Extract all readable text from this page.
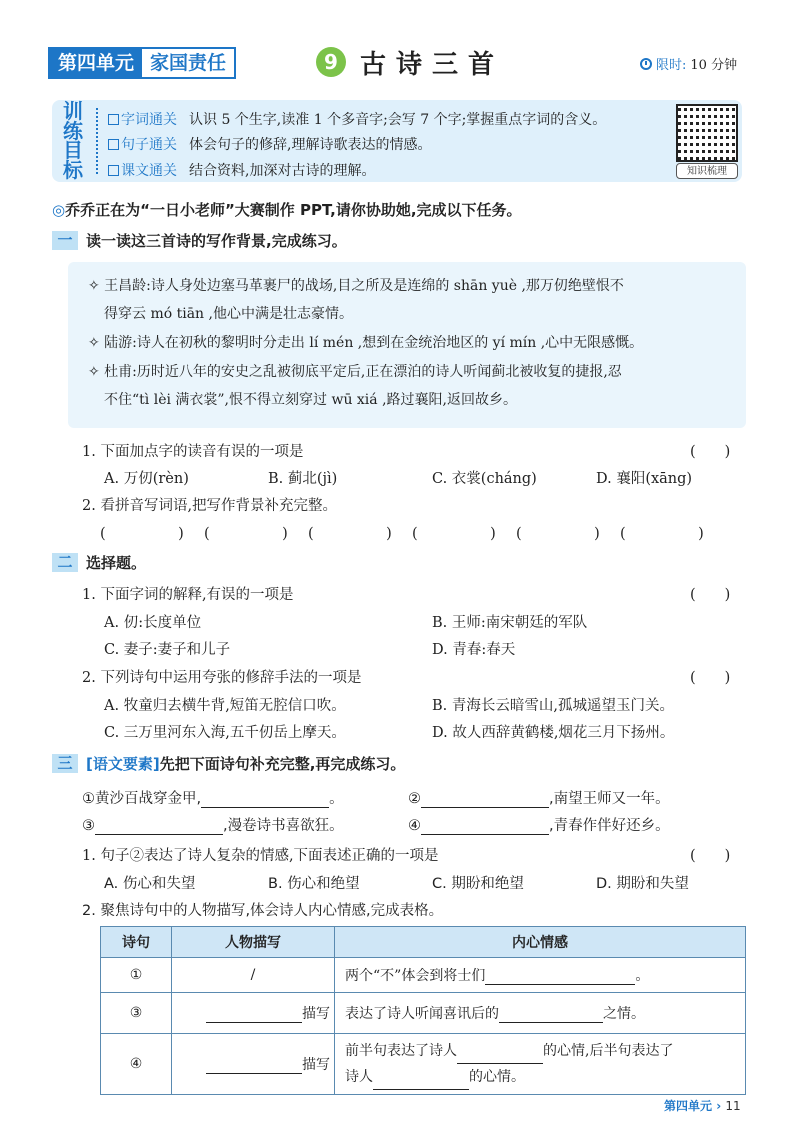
第四单元 家国责任	9 古诗三首	限时: 10 分钟
训练目标
字词通关 认识 5 个生字,读准 1 个多音字;会写 7 个字;掌握重点字词的含义。
句子通关 体会句子的修辞,理解诗歌表达的情感。
课文通关 结合资料,加深对古诗的理解。	知识梳理
◎乔乔正在为“一日小老师”大赛制作 PPT,请你协助她,完成以下任务。
一 读一读这三首诗的写作背景,完成练习。
✧ 王昌龄:诗人身处边塞马革裹尸的战场,目之所及是连绵的 shān yuè ,那万仞绝壁恨不
得穿云 mó tiān ,他心中满是壮志豪情。
✧ 陆游:诗人在初秋的黎明时分走出 lí mén ,想到在金统治地区的 yí mín ,心中无限感慨。
✧ 杜甫:历时近八年的安史之乱被彻底平定后,正在漂泊的诗人听闻蓟北被收复的捷报,忍
不住“tì lèi 满衣裳”,恨不得立刻穿过 wū xiá ,路过襄阳,返回故乡。
1. 下面加点字的读音有误的一项是	(　　)
A. 万仞(rèn)	B. 蓟北(jì)	C. 衣裳(cháng)	D. 襄阳(xāng)
2. 看拼音写词语,把写作背景补充完整。
(　　　　　) (　　　　　) (　　　　　) (　　　　　) (　　　　　) (　　　　　)
二 选择题。
1. 下面字词的解释,有误的一项是	(　　)
A. 仞:长度单位	B. 王师:南宋朝廷的军队
C. 妻子:妻子和儿子	D. 青春:春天
2. 下列诗句中运用夸张的修辞手法的一项是	(　　)
A. 牧童归去横牛背,短笛无腔信口吹。	B. 青海长云暗雪山,孤城遥望玉门关。
C. 三万里河东入海,五千仞岳上摩天。	D. 故人西辞黄鹤楼,烟花三月下扬州。
三 [语文要素]先把下面诗句补充完整,再完成练习。
①黄沙百战穿金甲,	。	②	,南望王师又一年。
③	,漫卷诗书喜欲狂。	④	,青春作伴好还乡。
1. 句子②表达了诗人复杂的情感,下面表述正确的一项是	(　　)
A. 伤心和失望	B. 伤心和绝望	C. 期盼和绝望	D. 期盼和失望
2. 聚焦诗句中的人物描写,体会诗人内心情感,完成表格。
诗句	人物描写	内心情感
①	/	两个“不”体会到将士们 。
③	描写	表达了诗人听闻喜讯后的 之情。
④	描写	前半句表达了诗人 的心情,后半句表达了
诗人 的心情。
第四单元 › 11
